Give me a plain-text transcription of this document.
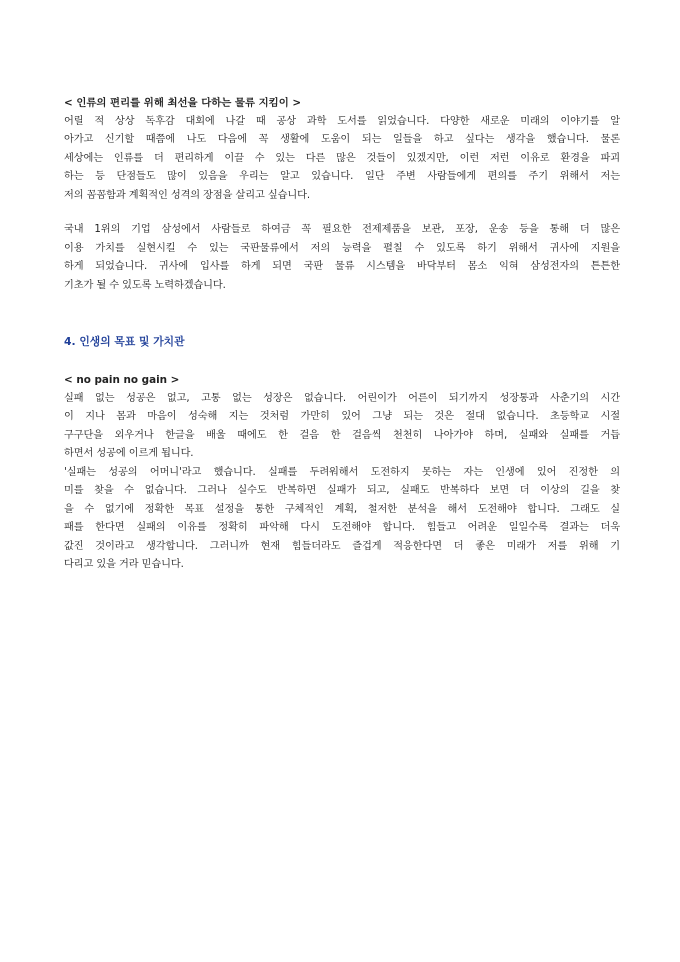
< 인류의 편리를 위해 최선을 다하는 물류 지킴이 >
어릴 적 상상 독후감 대회에 나갈 때 공상 과학 도서를 읽었습니다. 다양한 새로운 미래의 이야기를 알
아가고 신기할 때쯤에 나도 다음에 꼭 생활에 도움이 되는 일들을 하고 싶다는 생각을 했습니다. 물론
세상에는 인류를 더 편리하게 이끌 수 있는 다른 많은 것들이 있겠지만, 이런 저런 이유로 환경을 파괴
하는 등 단점들도 많이 있음을 우리는 알고 있습니다. 일단 주변 사람들에게 편의를 주기 위해서 저는
저의 꼼꼼함과 계획적인 성격의 장점을 살리고 싶습니다.
국내 1위의 기업 삼성에서 사람들로 하여금 꼭 필요한 전제제품을 보관, 포장, 운송 등을 통해 더 많은
이용 가치를 실현시킬 수 있는 국판물류에서 저의 능력을 펼칠 수 있도록 하기 위해서 귀사에 지원을
하게 되었습니다. 귀사에 입사를 하게 되면 국판 물류 시스템을 바닥부터 몸소 익혀 삼성전자의 튼튼한
기초가 될 수 있도록 노력하겠습니다.
4. 인생의 목표 및 가치관
< no pain no gain >
실패 없는 성공은 없고, 고통 없는 성장은 없습니다. 어린이가 어른이 되기까지 성장통과 사춘기의 시간
이 지나 몸과 마음이 성숙해 지는 것처럼 가만히 있어 그냥 되는 것은 절대 없습니다. 초등학교 시절
구구단을 외우거나 한글을 배울 때에도 한 걸음 한 걸음씩 천천히 나아가야 하며, 실패와 실패를 거듭
하면서 성공에 이르게 됩니다.
'실패는 성공의 어머니'라고 했습니다. 실패를 두려워해서 도전하지 못하는 자는 인생에 있어 진정한 의
미를 찾을 수 없습니다. 그러나 실수도 반복하면 실패가 되고, 실패도 반복하다 보면 더 이상의 길을 찾
을 수 없기에 정확한 목표 설정을 통한 구체적인 계획, 철저한 분석을 해서 도전해야 합니다. 그래도 실
패를 한다면 실패의 이유를 정확히 파악해 다시 도전해야 합니다. 힘들고 어려운 일일수록 결과는 더욱
값진 것이라고 생각합니다. 그러니까 현재 힘들더라도 즐겁게 적응한다면 더 좋은 미래가 저를 위해 기
다리고 있을 거라 믿습니다.
